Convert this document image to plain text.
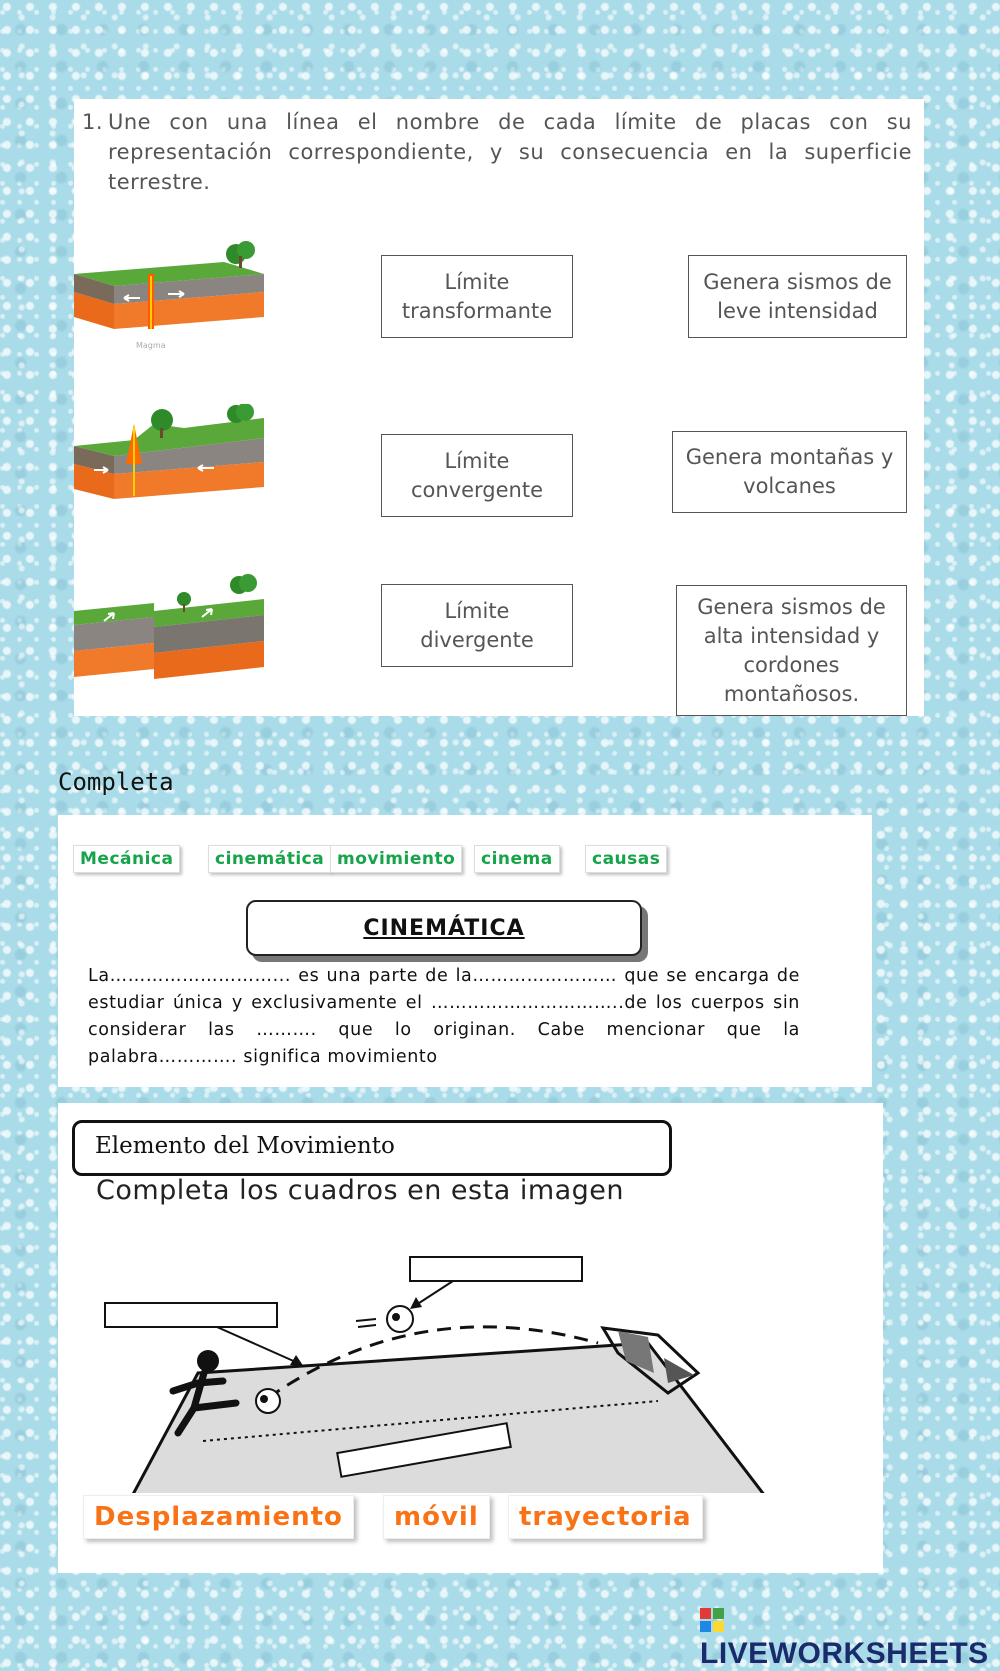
1. Une con una línea el nombre de cada límite de placas con su representación correspondiente, y su consecuencia en la superficie terrestre.
Magma
Límite transformante
Límite convergente
Límite divergente
Genera sismos de leve intensidad
Genera montañas y volcanes
Genera sismos de alta intensidad y cordones montañosos.
Completa
Mecánica	cinemática movimiento	cinema	causas
CINEMÁTICA
La………………………... es una parte de la…………………… que se encarga de estudiar única y exclusivamente el …………………………..de los cuerpos sin considerar las ………. que lo originan. Cabe mencionar que la palabra…………. significa movimiento
Elemento del Movimiento
Completa los cuadros en esta imagen
Desplazamiento	móvil	trayectoria
LIVEWORKSHEETS
